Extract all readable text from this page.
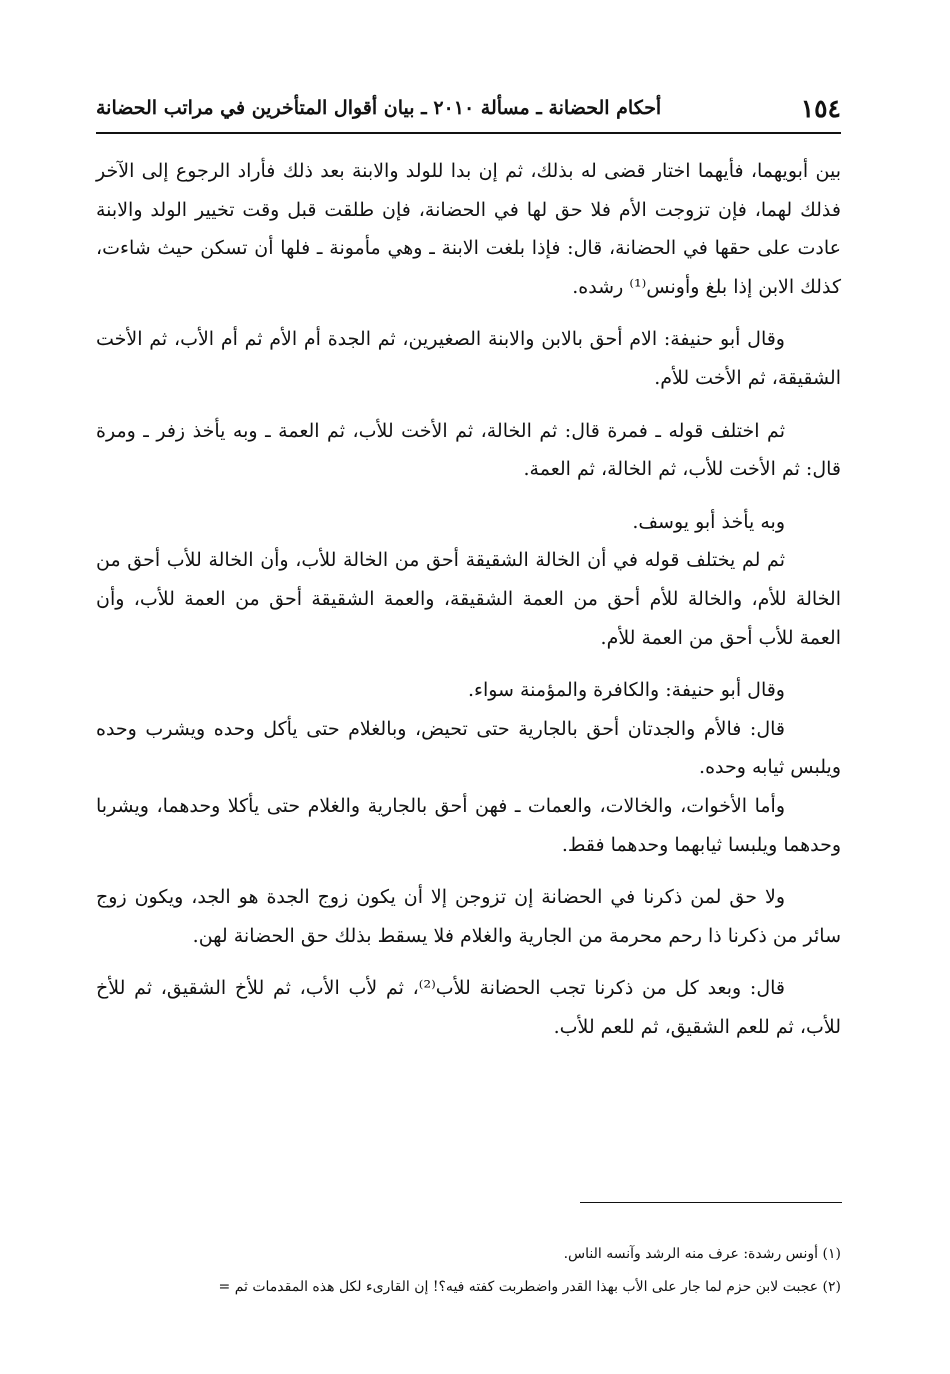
١٥٤
أحكام الحضانة ـ مسألة ٢٠١٠ ـ بيان أقوال المتأخرين في مراتب الحضانة

بين أبويهما، فأيهما اختار قضى له بذلك، ثم إن بدا للولد والابنة بعد ذلك فأراد الرجوع إلى الآخر فذلك لهما، فإن تزوجت الأم فلا حق لها في الحضانة، فإن طلقت قبل وقت تخيير الولد والابنة عادت على حقها في الحضانة، قال: فإذا بلغت الابنة ـ وهي مأمونة ـ فلها أن تسكن حيث شاءت، كذلك الابن إذا بلغ وأونس⁽¹⁾ رشده.

وقال أبو حنيفة: الام أحق بالابن والابنة الصغيرين، ثم الجدة أم الأم ثم أم الأب، ثم الأخت الشقيقة، ثم الأخت للأم.

ثم اختلف قوله ـ فمرة قال: ثم الخالة، ثم الأخت للأب، ثم العمة ـ وبه يأخذ زفر ـ ومرة قال: ثم الأخت للأب، ثم الخالة، ثم العمة.

وبه يأخذ أبو يوسف.

ثم لم يختلف قوله في أن الخالة الشقيقة أحق من الخالة للأب، وأن الخالة للأب أحق من الخالة للأم، والخالة للأم أحق من العمة الشقيقة، والعمة الشقيقة أحق من العمة للأب، وأن العمة للأب أحق من العمة للأم.

وقال أبو حنيفة: والكافرة والمؤمنة سواء.

قال: فالأم والجدتان أحق بالجارية حتى تحيض، وبالغلام حتى يأكل وحده ويشرب وحده ويلبس ثيابه وحده.

وأما الأخوات، والخالات، والعمات ـ فهن أحق بالجارية والغلام حتى يأكلا وحدهما، ويشربا وحدهما ويلبسا ثيابهما وحدهما فقط.

ولا حق لمن ذكرنا في الحضانة إن تزوجن إلا أن يكون زوج الجدة هو الجد، ويكون زوج سائر من ذكرنا ذا رحم محرمة من الجارية والغلام فلا يسقط بذلك حق الحضانة لهن.

قال: وبعد كل من ذكرنا تجب الحضانة للأب⁽²⁾، ثم لأب الأب، ثم للأخ الشقيق، ثم للأخ للأب، ثم للعم الشقيق، ثم للعم للأب.

(١) أونس رشدة: عرف منه الرشد وآنسه الناس.

(٢) عجبت لابن حزم لما جار على الأب بهذا القدر واضطربت كفته فيه؟! إن القارىء لكل هذه المقدمات ثم =
